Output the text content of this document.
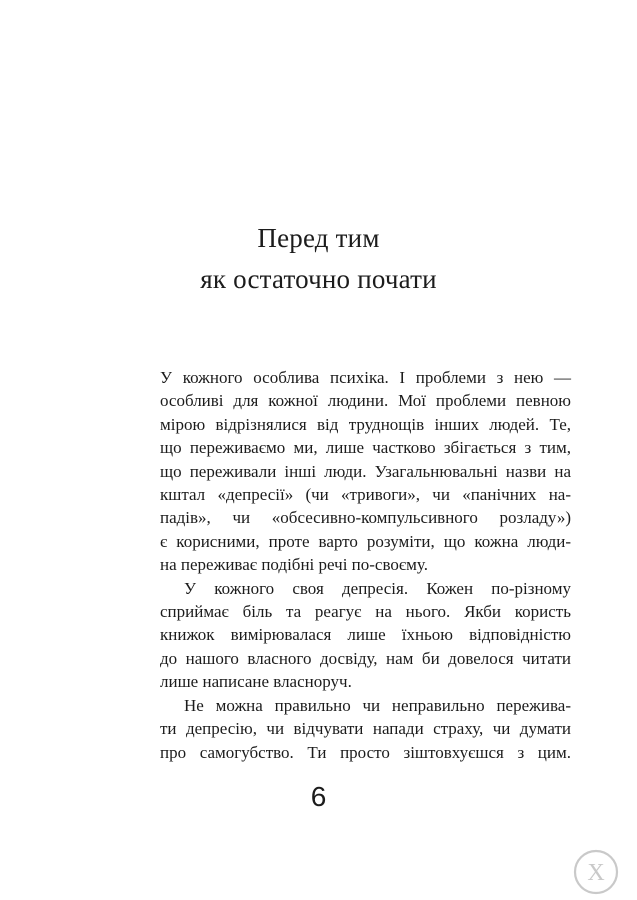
Перед тим
як остаточно почати
У кожного особлива психіка. І проблеми з нею —
особливі для кожної людини. Мої проблеми певною
мірою відрізнялися від труднощів інших людей. Те,
що переживаємо ми, лише частково збігається з тим,
що переживали інші люди. Узагальнювальні назви на
кштал «депресії» (чи «тривоги», чи «панічних на-
падів», чи «обсесивно-компульсивного розладу»)
є корисними, проте варто розуміти, що кожна люди-
на переживає подібні речі по-своєму.
У кожного своя депресія. Кожен по-різному
сприймає біль та реагує на нього. Якби користь
книжок вимірювалася лише їхньою відповідністю
до нашого власного досвіду, нам би довелося читати
лише написане власноруч.
Не можна правильно чи неправильно пережива-
ти депресію, чи відчувати напади страху, чи думати
про самогубство. Ти просто зіштовхуєшся з цим.
6
X
